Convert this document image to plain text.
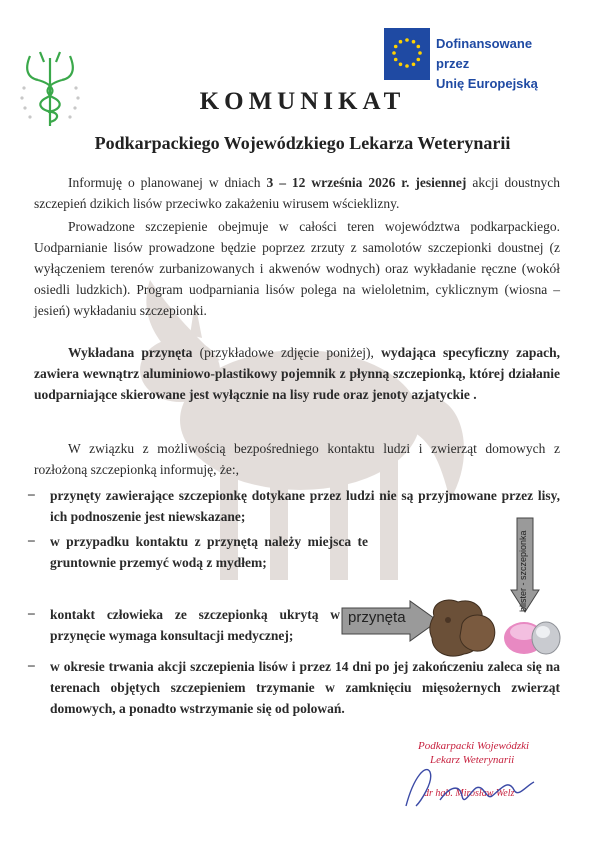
Dofinansowane przez
Unię Europejską
KOMUNIKAT
Podkarpackiego Wojewódzkiego Lekarza Weterynarii
Informuję o planowanej w dniach 3 – 12 września 2026 r. jesiennej akcji doustnych szczepień dzikich lisów przeciwko zakażeniu wirusem wścieklizny.
Prowadzone szczepienie obejmuje w całości teren województwa podkarpackiego. Uodparnianie lisów prowadzone będzie poprzez zrzuty z samolotów szczepionki doustnej (z wyłączeniem terenów zurbanizowanych i akwenów wodnych) oraz wykładanie ręczne (wokół osiedli ludzkich). Program uodparniania lisów polega na wieloletnim, cyklicznym (wiosna – jesień) wykładaniu szczepionki.
Wykładana przynęta (przykładowe zdjęcie poniżej), wydająca specyficzny zapach, zawiera wewnątrz aluminiowo-plastikowy pojemnik z płynną szczepionką, której działanie uodparniające skierowane jest wyłącznie na lisy rude oraz jenoty azjatyckie .
W związku z możliwością bezpośredniego kontaktu ludzi i zwierząt domowych z rozłożoną szczepionką informuję, że:,
– przynęty zawierające szczepionkę dotykane przez ludzi nie są przyjmowane przez lisy, ich podnoszenie jest niewskazane;
– w przypadku kontaktu z przynętą należy miejsca te gruntownie przemyć wodą z mydłem;
– kontakt człowieka ze szczepionką ukrytą w przynęcie wymaga konsultacji medycznej;
– w okresie trwania akcji szczepienia lisów i przez 14 dni po jej zakończeniu zaleca się na terenach objętych szczepieniem trzymanie w zamknięciu mięsożernych zwierząt domowych, a ponadto wstrzymanie się od polowań.
przynęta
blister - szczepionka
Podkarpacki Wojewódzki
Lekarz Weterynarii
dr hab. Mirosław Welz
